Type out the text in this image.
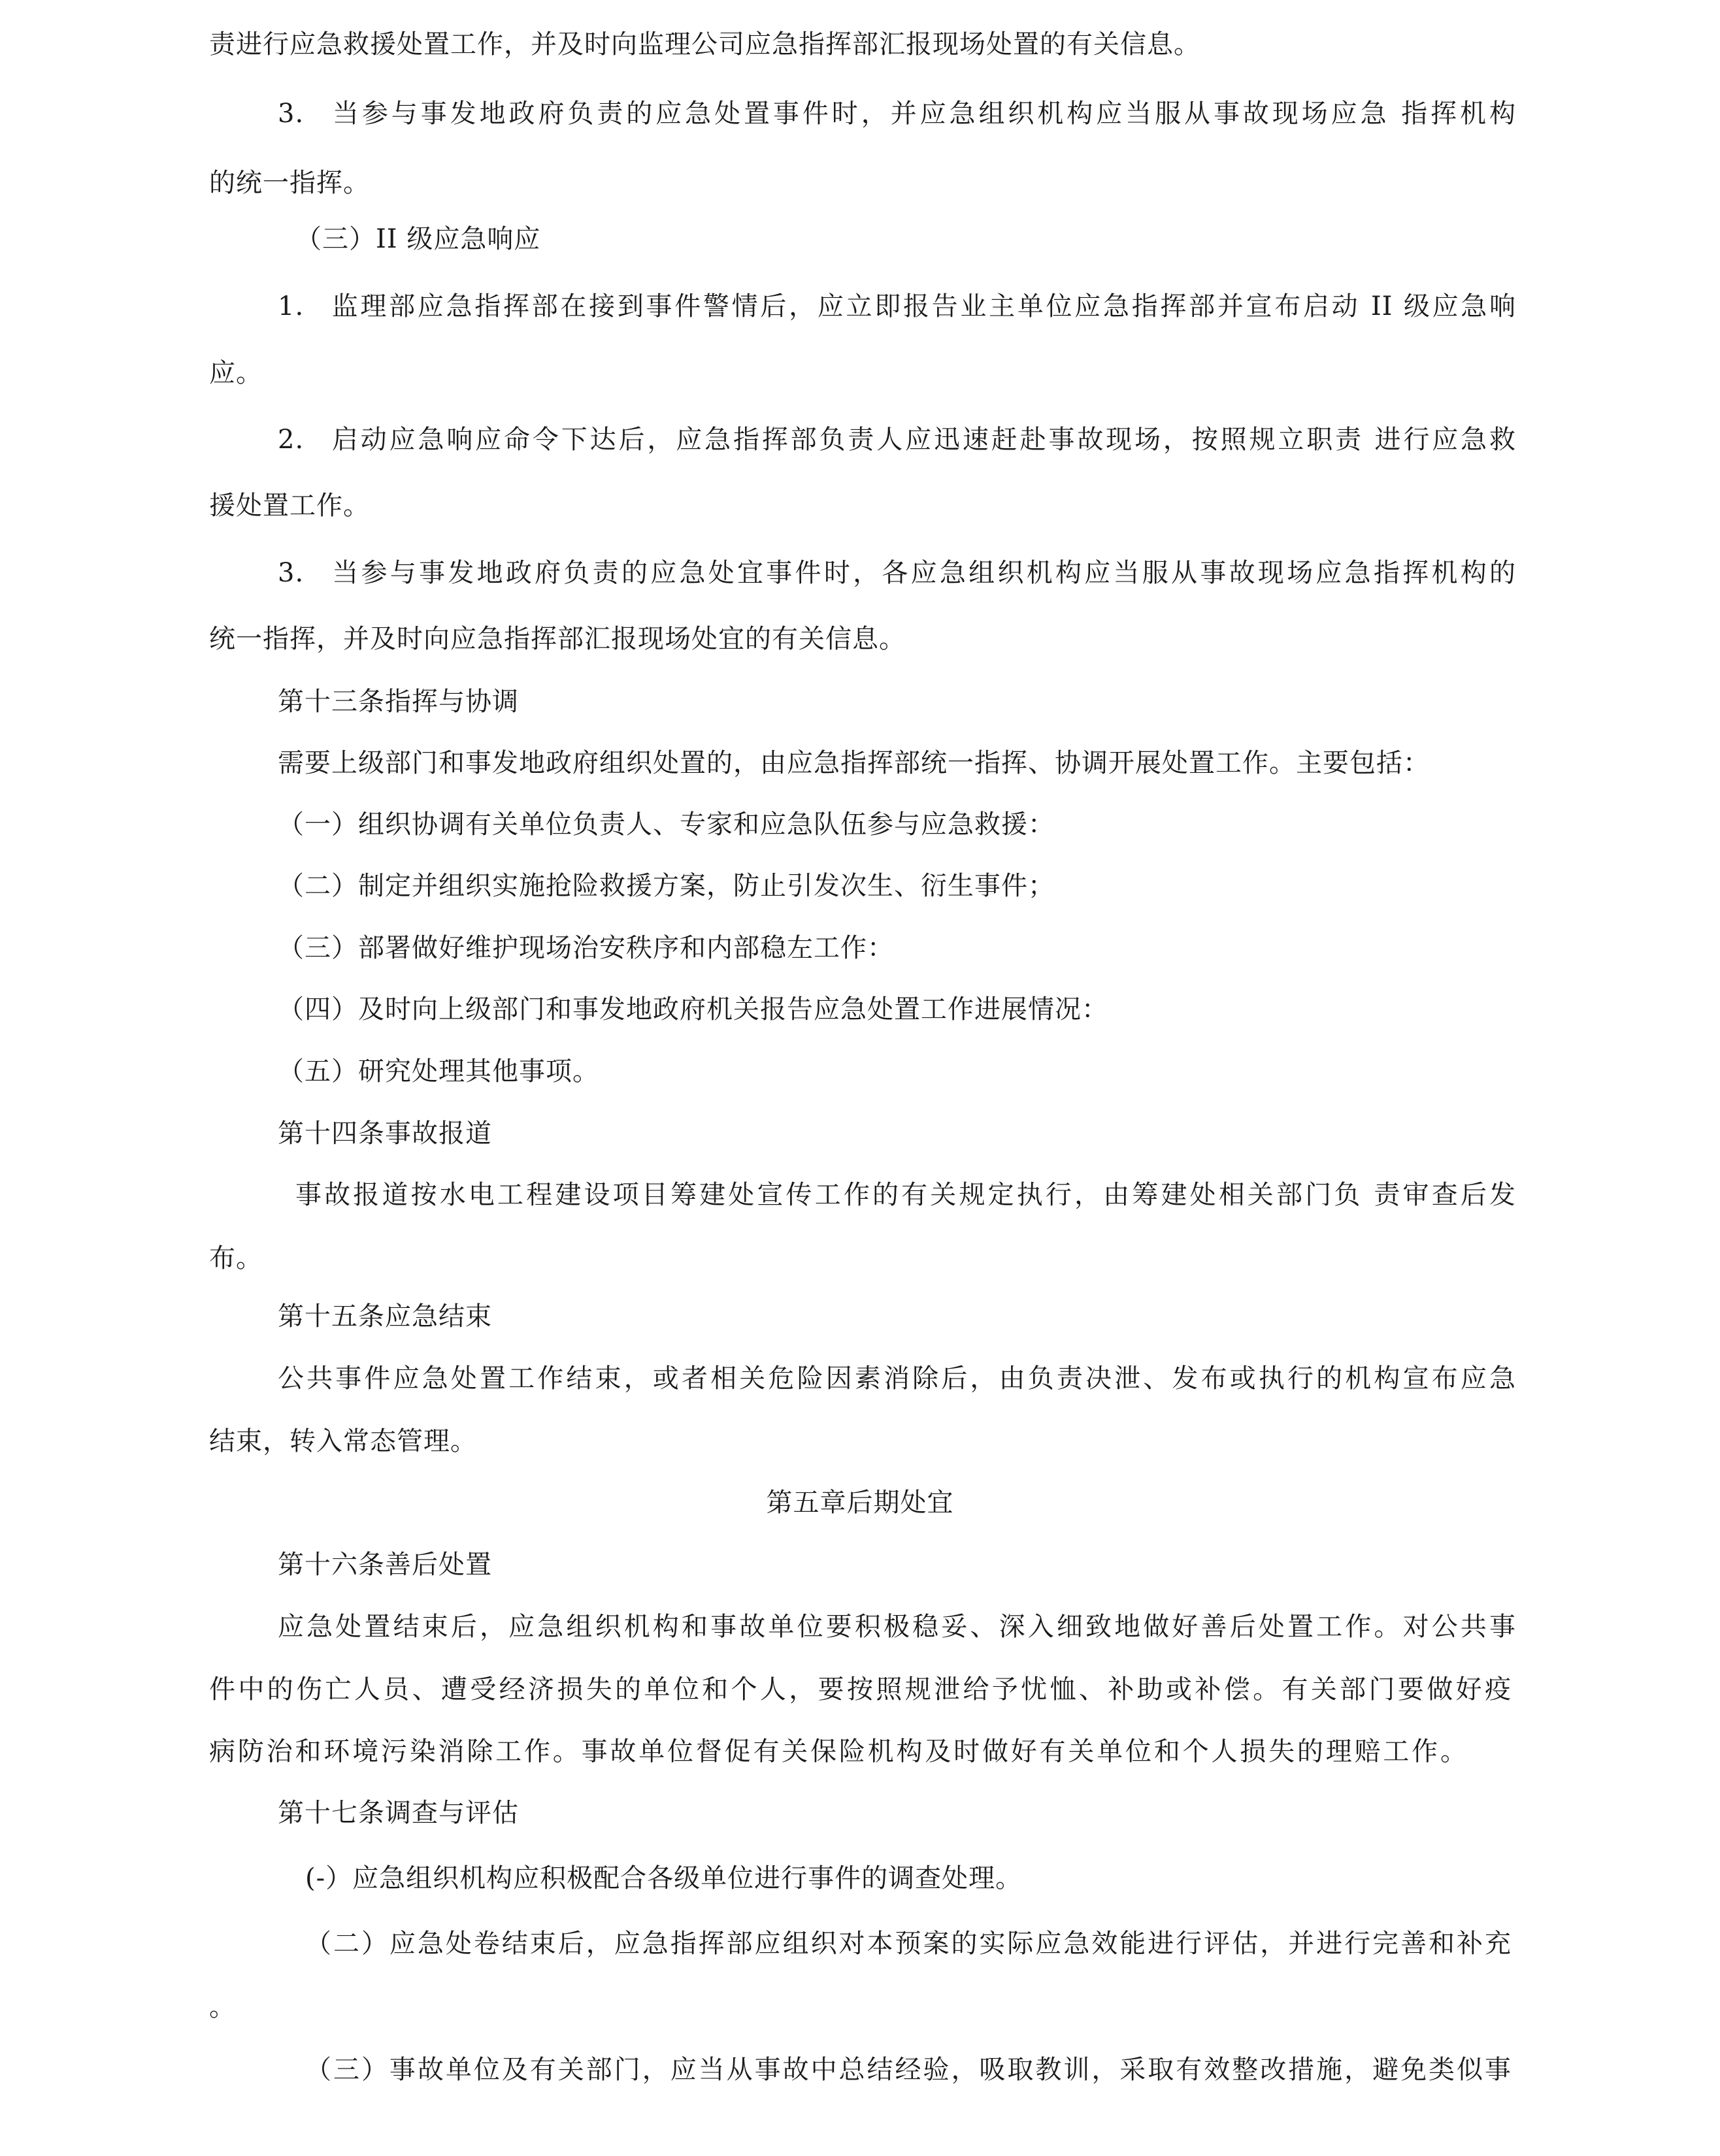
责进行应急救援处置工作，并及时向监理公司应急指挥部汇报现场处置的有关信息。
3. 当参与事发地政府负责的应急处置事件时，并应急组织机构应当服从事故现场应急 指挥机构
的统一指挥。
（三）II 级应急响应
1. 监理部应急指挥部在接到事件警情后，应立即报告业主单位应急指挥部并宣布启动 II 级应急响
应。
2. 启动应急响应命令下达后，应急指挥部负责人应迅速赶赴事故现场，按照规立职责 进行应急救
援处置工作。
3. 当参与事发地政府负责的应急处宜事件时，各应急组织机构应当服从事故现场应急指挥机构的
统一指挥，并及时向应急指挥部汇报现场处宜的有关信息。
第十三条指挥与协调
需要上级部门和事发地政府组织处置的，由应急指挥部统一指挥、协调开展处置工作。主要包括：
（一）组织协调有关单位负责人、专家和应急队伍参与应急救援：
（二）制定并组织实施抢险救援方案，防止引发次生、衍生事件；
（三）部署做好维护现场治安秩序和内部稳左工作：
（四）及时向上级部门和事发地政府机关报告应急处置工作进展情况：
（五）研究处理其他事项。
第十四条事故报道
事故报道按水电工程建设项目筹建处宣传工作的有关规定执行，由筹建处相关部门负 责审查后发
布。
第十五条应急结束
公共事件应急处置工作结束，或者相关危险因素消除后，由负责决泄、发布或执行的机构宣布应急
结束，转入常态管理。
第五章后期处宜
第十六条善后处置
应急处置结束后，应急组织机构和事故单位要积极稳妥、深入细致地做好善后处置工作。对公共事
件中的伤亡人员、遭受经济损失的单位和个人，要按照规泄给予忧恤、补助或补偿。有关部门要做好疫
病防治和环境污染消除工作。事故单位督促有关保险机构及时做好有关单位和个人损失的理赔工作。
第十七条调查与评估
(-）应急组织机构应积极配合各级单位进行事件的调查处理。
（二）应急处卷结束后，应急指挥部应组织对本预案的实际应急效能进行评估，并进行完善和补充
。
（三）事故单位及有关部门，应当从事故中总结经验，吸取教训，采取有效整改措施，避免类似事
